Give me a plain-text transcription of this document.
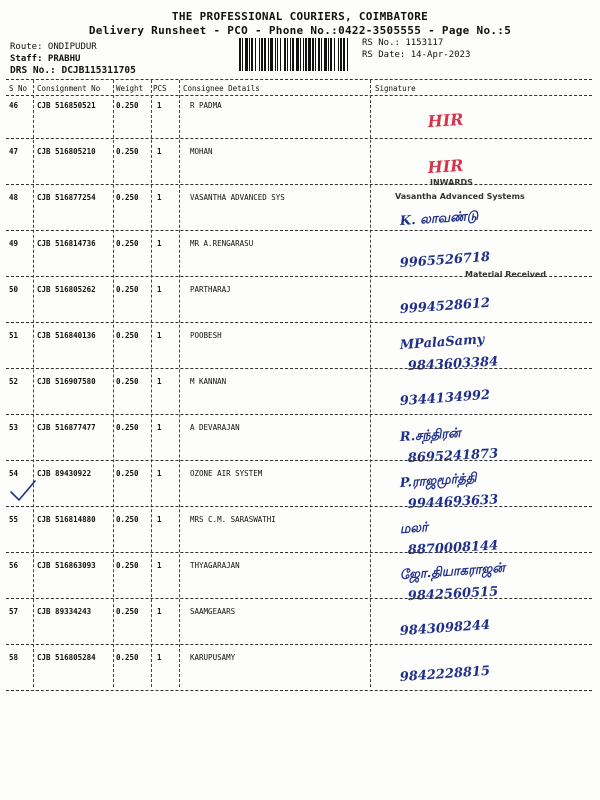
THE PROFESSIONAL COURIERS, COIMBATORE
Delivery Runsheet - PCO - Phone No.:0422-3505555 - Page No.:5
Route: ONDIPUDUR
Staff: PRABHU
DRS No.: DCJB115311705
RS No.: 1153117
RS Date: 14-Apr-2023
S No Consignment No Weight PCS Consignee Details	Signature
46	CJB 516850521	0.250 1	R PADMA
HIR
47	CJB 516805210	0.250 1	MOHAN
HIR
48	CJB 516877254	0.250 1	VASANTHA ADVANCED SYS
INWARDS
Vasantha Advanced Systems
K. லாவண்டு
49	CJB 516814736	0.250 1	MR A.RENGARASU
Material Received
9965526718
50	CJB 516805262	0.250 1	PARTHARAJ
9994528612
51	CJB 516840136	0.250 1	POOBESH	MPalaSamy
9843603384
52	CJB 516907580	0.250 1	M KANNAN
9344134992
53	CJB 516877477	0.250 1	A DEVARAJAN	R.சந்திரன்
8695241873
54	CJB 89430922	0.250 1	OZONE AIR SYSTEM	P.ராஜமூர்த்தி
9944693633
55	CJB 516814880	0.250 1	MRS C.M. SARASWATHI
மலர்
8870008144
56	CJB 516863093	0.250 1	THYAGARAJAN	ஜோ.தியாகராஜன்
9842560515
57	CJB 89334243	0.250 1	SAAMGEAARS
9843098244
58	CJB 516805284	0.250 1	KARUPUSAMY
9842228815
